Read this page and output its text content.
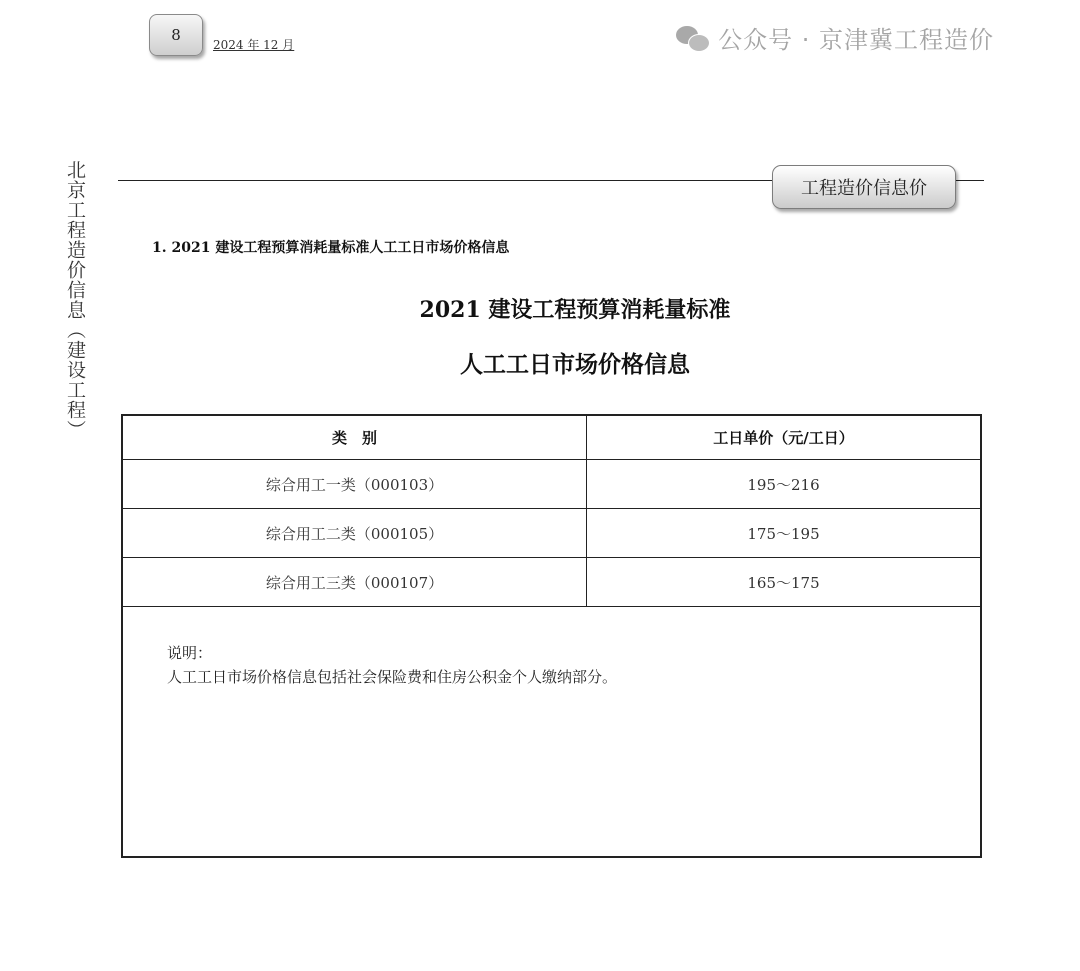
8
2024 年 12 月	公众号 · 京津冀工程造价
北京工程造价信息（建设工程）	工程造价信息价
1. 2021 建设工程预算消耗量标准人工工日市场价格信息
2021 建设工程预算消耗量标准
人工工日市场价格信息
类　别	工日单价（元/工日）
综合用工一类（000103）	195～216
综合用工二类（000105）	175～195
综合用工三类（000107）	165～175
说明：
人工工日市场价格信息包括社会保险费和住房公积金个人缴纳部分。
